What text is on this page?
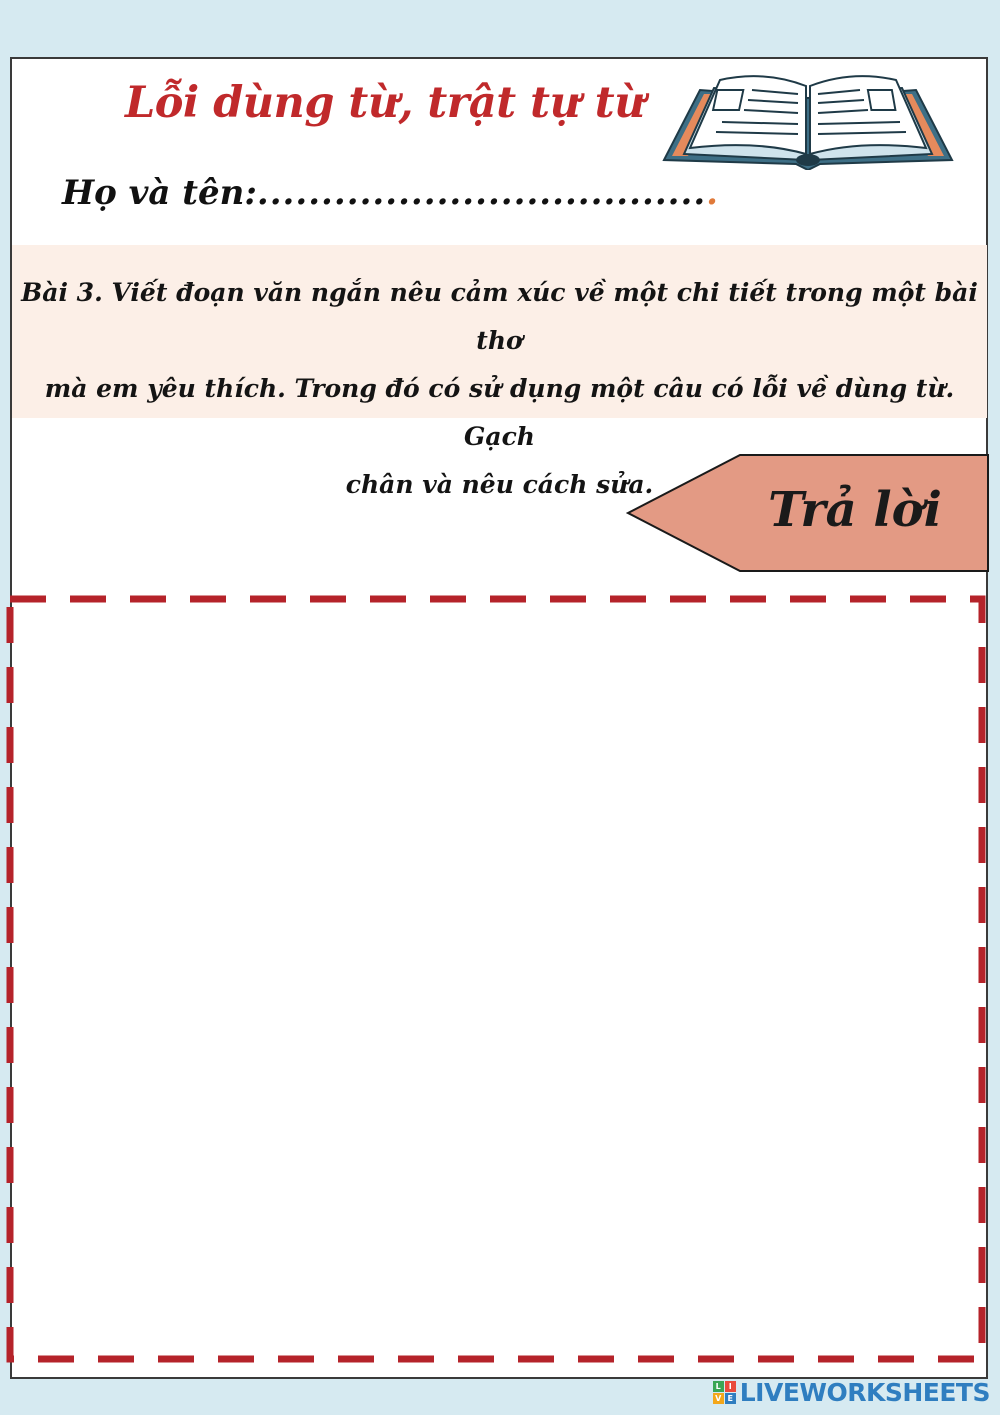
Lỗi dùng từ, trật tự từ
Họ và tên:....................................
Bài 3. Viết đoạn văn ngắn nêu cảm xúc về một chi tiết trong một bài thơ
mà em yêu thích. Trong đó có sử dụng một câu có lỗi về dùng từ. Gạch
chân và nêu cách sửa.	Trả lời
L I
V E LIVEWORKSHEETS
